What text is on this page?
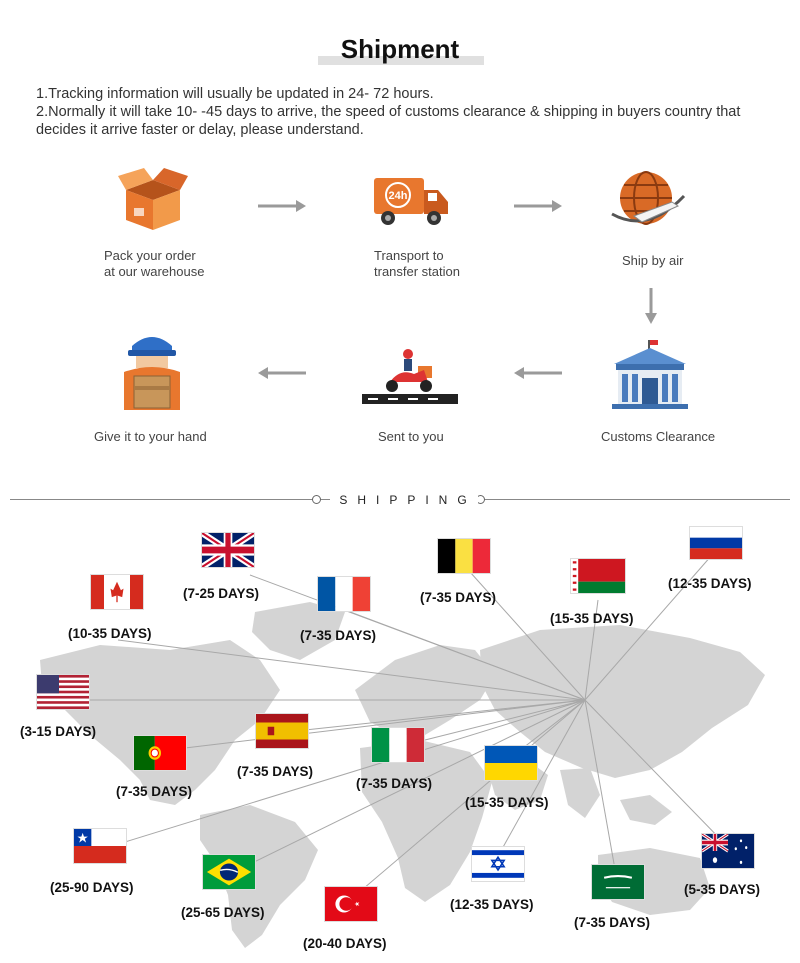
Shipment

1.Tracking information will usually be updated in 24- 72 hours.

2.Normally it will take 10- -45 days to arrive, the speed of customs clearance & shipping in buyers country that

decides it arrive faster or delay, please understand.

Pack your order
at our warehouse
24h
Transport to
transfer station
Ship by air
Customs Clearance
Sent to you
Give it to your hand
SHIPPING
(7-25 DAYS)	(7-35 DAYS)
(12-35 DAYS)
(10-35 DAYS)	(7-35 DAYS)
(15-35 DAYS)
(3-15 DAYS)
(7-35 DAYS)
(7-35 DAYS)
(7-35 DAYS)
(15-35 DAYS)
(25-90 DAYS)
(25-65 DAYS)
(20-40 DAYS)
(12-35 DAYS)
(7-35 DAYS)
(5-35 DAYS)
